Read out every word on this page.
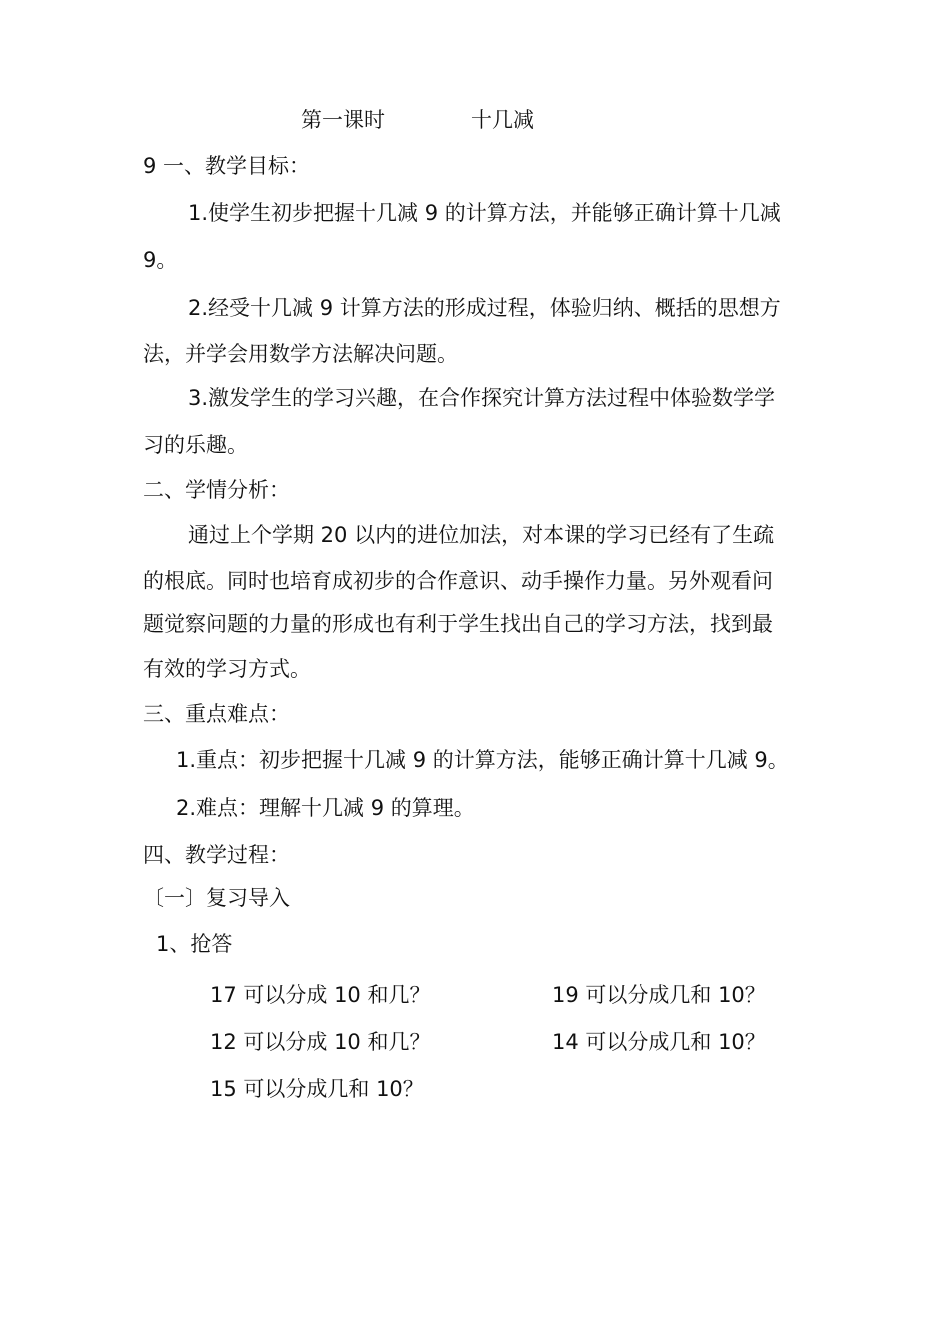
第一课时	十几减
9 一、教学目标：
1.使学生初步把握十几减 9 的计算方法，并能够正确计算十几减
9。
2.经受十几减 9 计算方法的形成过程，体验归纳、概括的思想方
法，并学会用数学方法解决问题。
3.激发学生的学习兴趣，在合作探究计算方法过程中体验数学学
习的乐趣。
二、学情分析：
通过上个学期 20 以内的进位加法，对本课的学习已经有了生疏
的根底。同时也培育成初步的合作意识、动手操作力量。另外观看问
题觉察问题的力量的形成也有利于学生找出自己的学习方法，找到最
有效的学习方式。
三、重点难点：
1.重点：初步把握十几减 9 的计算方法，能够正确计算十几减 9。
2.难点：理解十几减 9 的算理。
四、教学过程：
〔一〕复习导入
1、抢答
17 可以分成 10 和几？	19 可以分成几和 10？
12 可以分成 10 和几？	14 可以分成几和 10？
15 可以分成几和 10？
